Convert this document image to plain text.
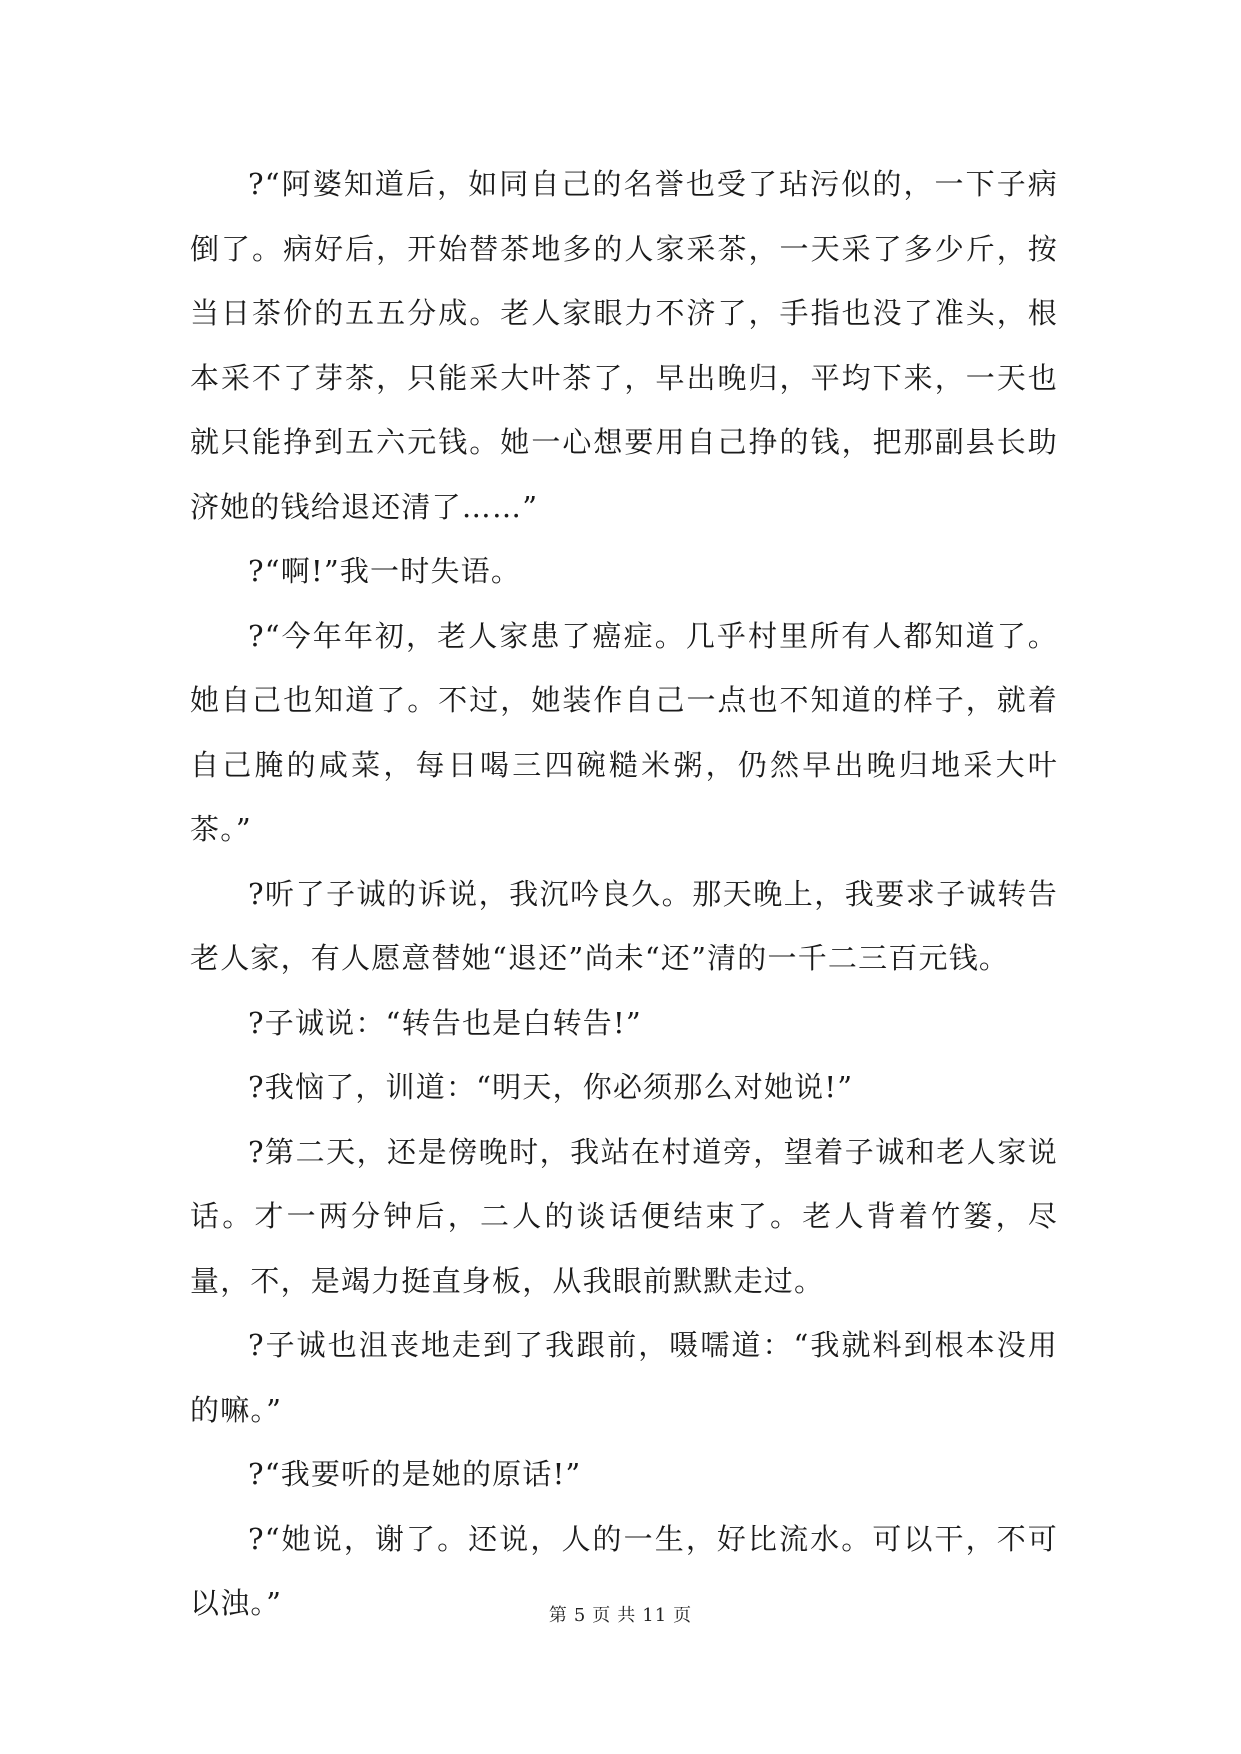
?“阿婆知道后，如同自己的名誉也受了玷污似的，一下子病倒了。病好后，开始替茶地多的人家采茶，一天采了多少斤，按当日茶价的五五分成。老人家眼力不济了，手指也没了准头，根本采不了芽茶，只能采大叶茶了，早出晚归，平均下来，一天也就只能挣到五六元钱。她一心想要用自己挣的钱，把那副县长助济她的钱给退还清了……”

?“啊!”我一时失语。

?“今年年初，老人家患了癌症。几乎村里所有人都知道了。她自己也知道了。不过，她装作自己一点也不知道的样子，就着自己腌的咸菜，每日喝三四碗糙米粥，仍然早出晚归地采大叶茶。”

?听了子诚的诉说，我沉吟良久。那天晚上，我要求子诚转告老人家，有人愿意替她“退还”尚未“还”清的一千二三百元钱。

?子诚说：“转告也是白转告!”

?我恼了，训道：“明天，你必须那么对她说!”

?第二天，还是傍晚时，我站在村道旁，望着子诚和老人家说话。才一两分钟后，二人的谈话便结束了。老人背着竹篓，尽量，不，是竭力挺直身板，从我眼前默默走过。

?子诚也沮丧地走到了我跟前，嗫嚅道：“我就料到根本没用的嘛。”

?“我要听的是她的原话!”

?“她说，谢了。还说，人的一生，好比流水。可以干，不可以浊。”	第 5 页 共 11 页
